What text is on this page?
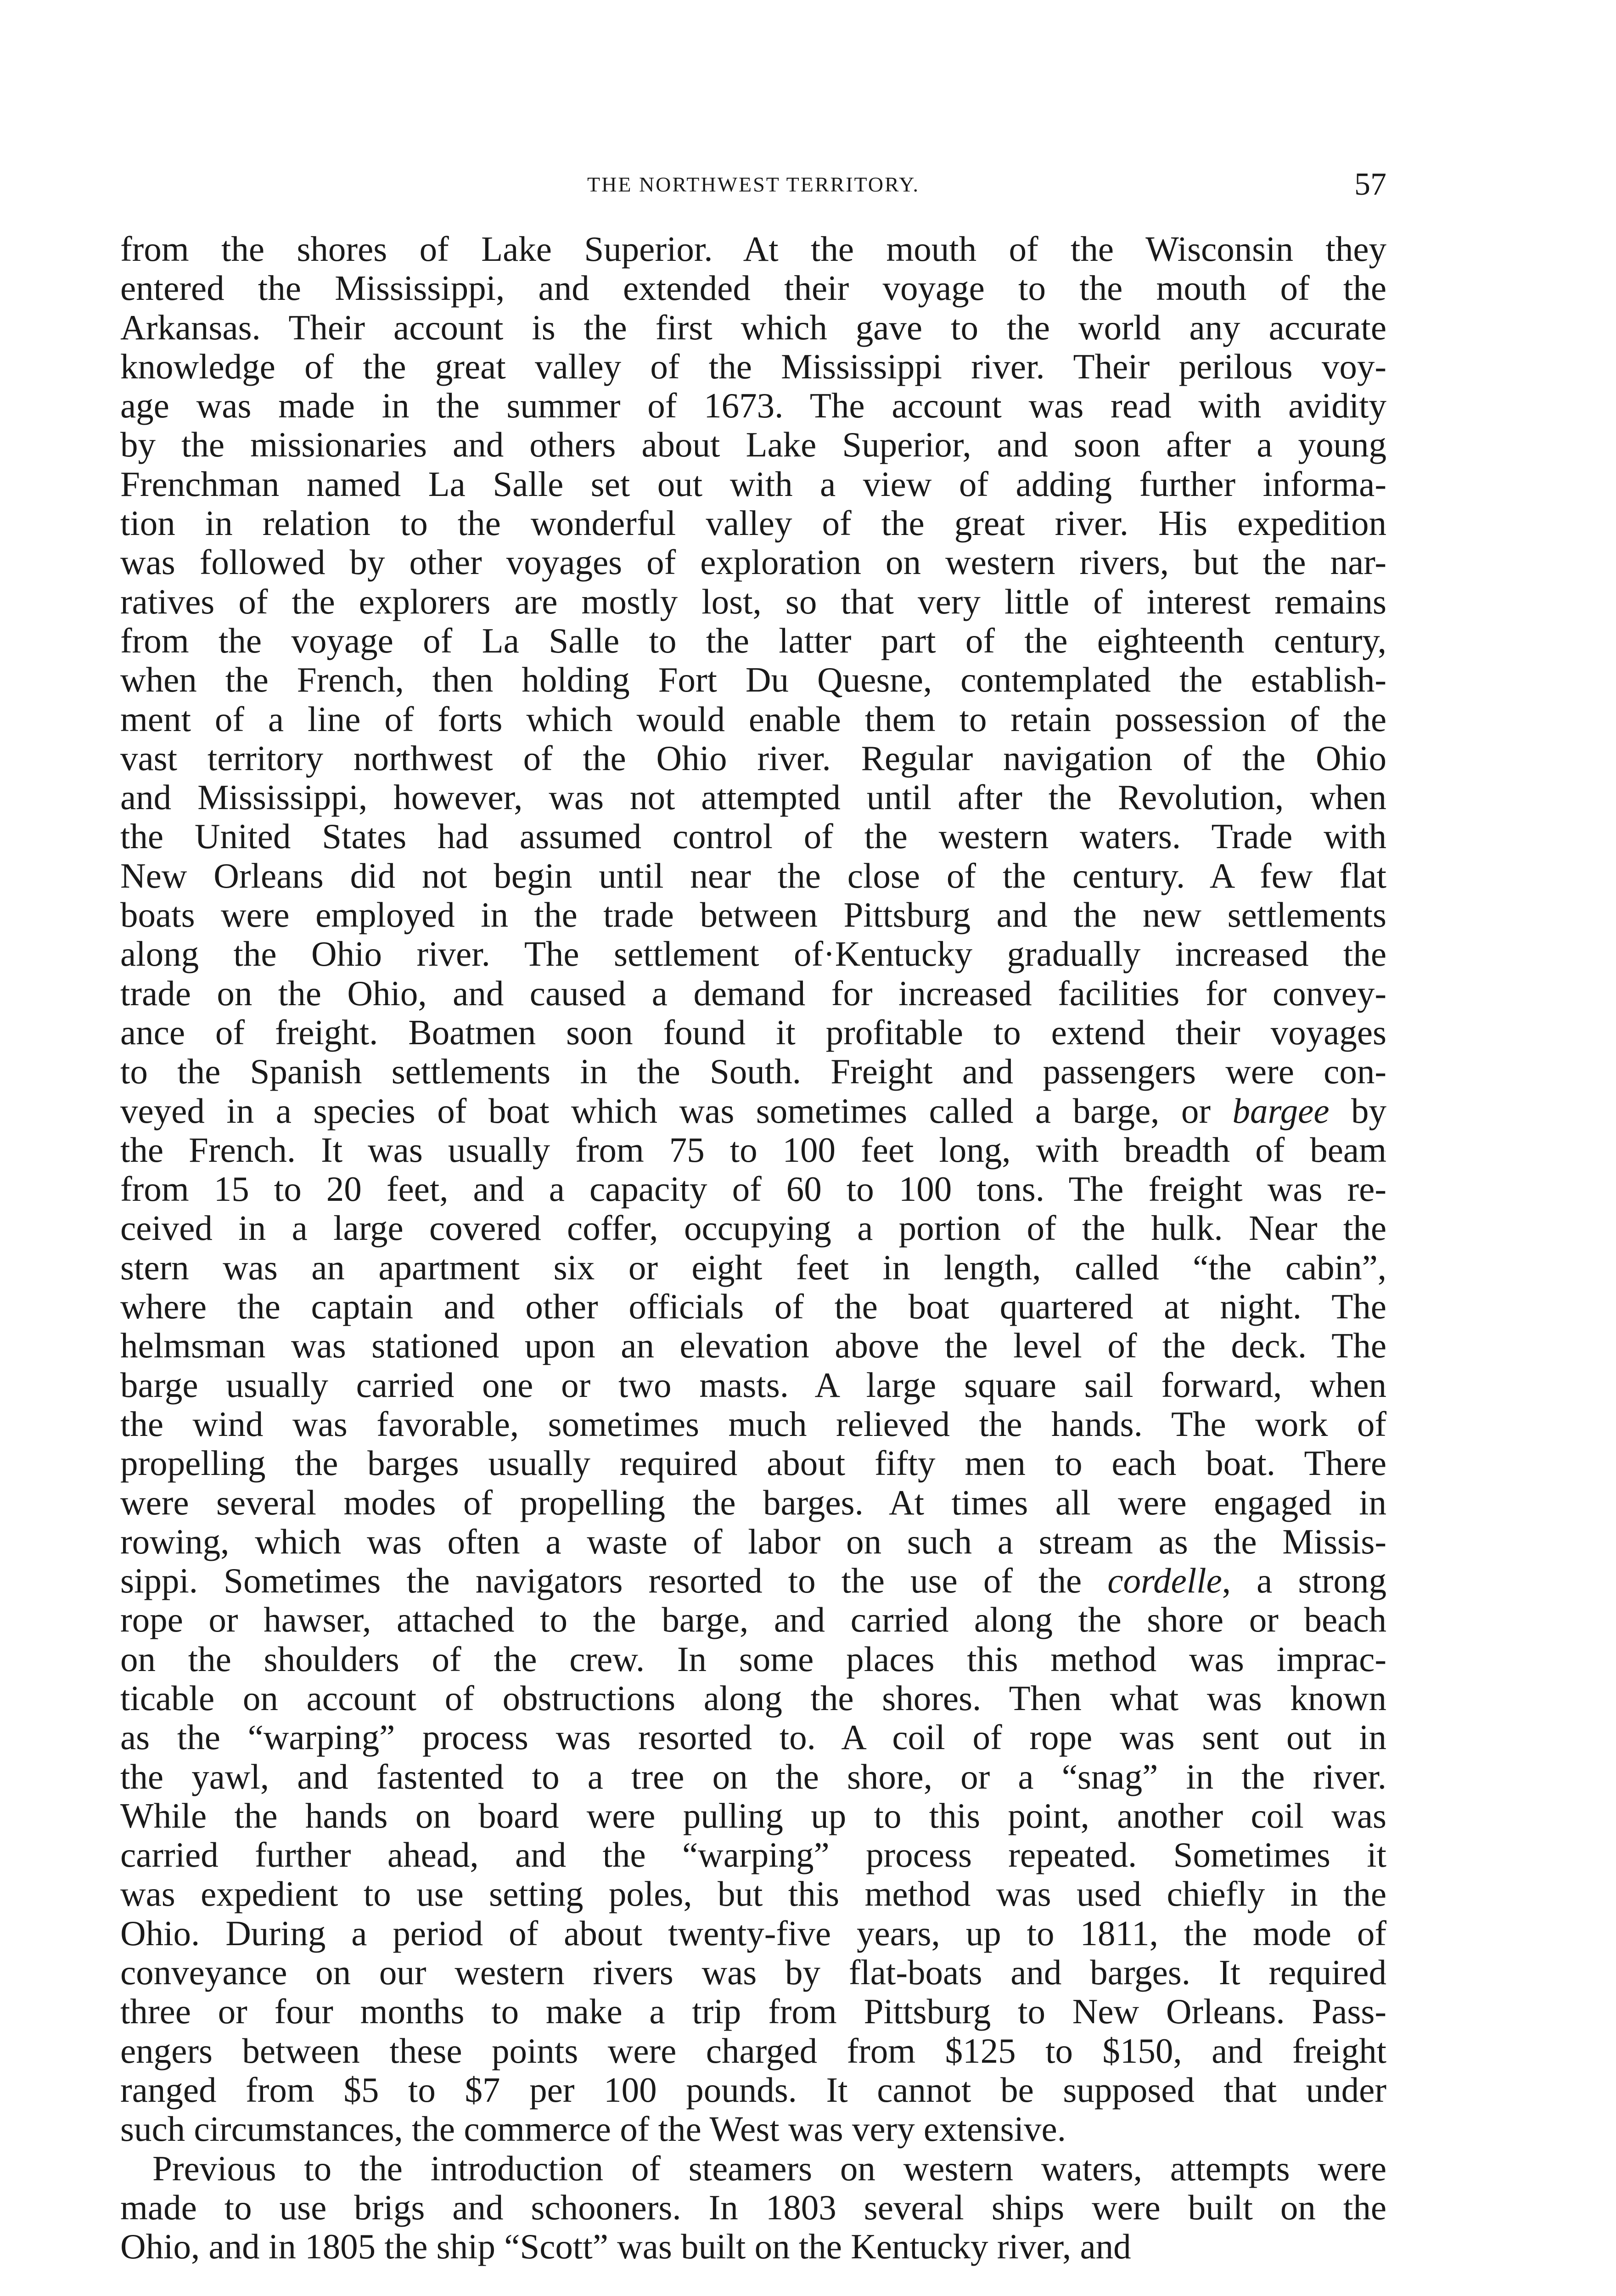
THE NORTHWEST TERRITORY.	57
from the shores of Lake Superior. At the mouth of the Wisconsin they
entered the Mississippi, and extended their voyage to the mouth of the
Arkansas. Their account is the first which gave to the world any accurate
knowledge of the great valley of the Mississippi river. Their perilous voy-
age was made in the summer of 1673. The account was read with avidity
by the missionaries and others about Lake Superior, and soon after a young
Frenchman named La Salle set out with a view of adding further informa-
tion in relation to the wonderful valley of the great river. His expedition
was followed by other voyages of exploration on western rivers, but the nar-
ratives of the explorers are mostly lost, so that very little of interest remains
from the voyage of La Salle to the latter part of the eighteenth century,
when the French, then holding Fort Du Quesne, contemplated the establish-
ment of a line of forts which would enable them to retain possession of the
vast territory northwest of the Ohio river. Regular navigation of the Ohio
and Mississippi, however, was not attempted until after the Revolution, when
the United States had assumed control of the western waters. Trade with
New Orleans did not begin until near the close of the century. A few flat
boats were employed in the trade between Pittsburg and the new settlements
along the Ohio river. The settlement of·Kentucky gradually increased the
trade on the Ohio, and caused a demand for increased facilities for convey-
ance of freight. Boatmen soon found it profitable to extend their voyages
to the Spanish settlements in the South. Freight and passengers were con-
veyed in a species of boat which was sometimes called a barge, or bargee by
the French. It was usually from 75 to 100 feet long, with breadth of beam
from 15 to 20 feet, and a capacity of 60 to 100 tons. The freight was re-
ceived in a large covered coffer, occupying a portion of the hulk. Near the
stern was an apartment six or eight feet in length, called “the cabin”,
where the captain and other officials of the boat quartered at night. The
helmsman was stationed upon an elevation above the level of the deck. The
barge usually carried one or two masts. A large square sail forward, when
the wind was favorable, sometimes much relieved the hands. The work of
propelling the barges usually required about fifty men to each boat. There
were several modes of propelling the barges. At times all were engaged in
rowing, which was often a waste of labor on such a stream as the Missis-
sippi. Sometimes the navigators resorted to the use of the cordelle, a strong
rope or hawser, attached to the barge, and carried along the shore or beach
on the shoulders of the crew. In some places this method was imprac-
ticable on account of obstructions along the shores. Then what was known
as the “warping” process was resorted to. A coil of rope was sent out in
the yawl, and fastented to a tree on the shore, or a “snag” in the river.
While the hands on board were pulling up to this point, another coil was
carried further ahead, and the “warping” process repeated. Sometimes it
was expedient to use setting poles, but this method was used chiefly in the
Ohio. During a period of about twenty-five years, up to 1811, the mode of
conveyance on our western rivers was by flat-boats and barges. It required
three or four months to make a trip from Pittsburg to New Orleans. Pass-
engers between these points were charged from $125 to $150, and freight
ranged from $5 to $7 per 100 pounds. It cannot be supposed that under
such circumstances, the commerce of the West was very extensive.
Previous to the introduction of steamers on western waters, attempts were
made to use brigs and schooners. In 1803 several ships were built on the
Ohio, and in 1805 the ship “Scott” was built on the Kentucky river, and
